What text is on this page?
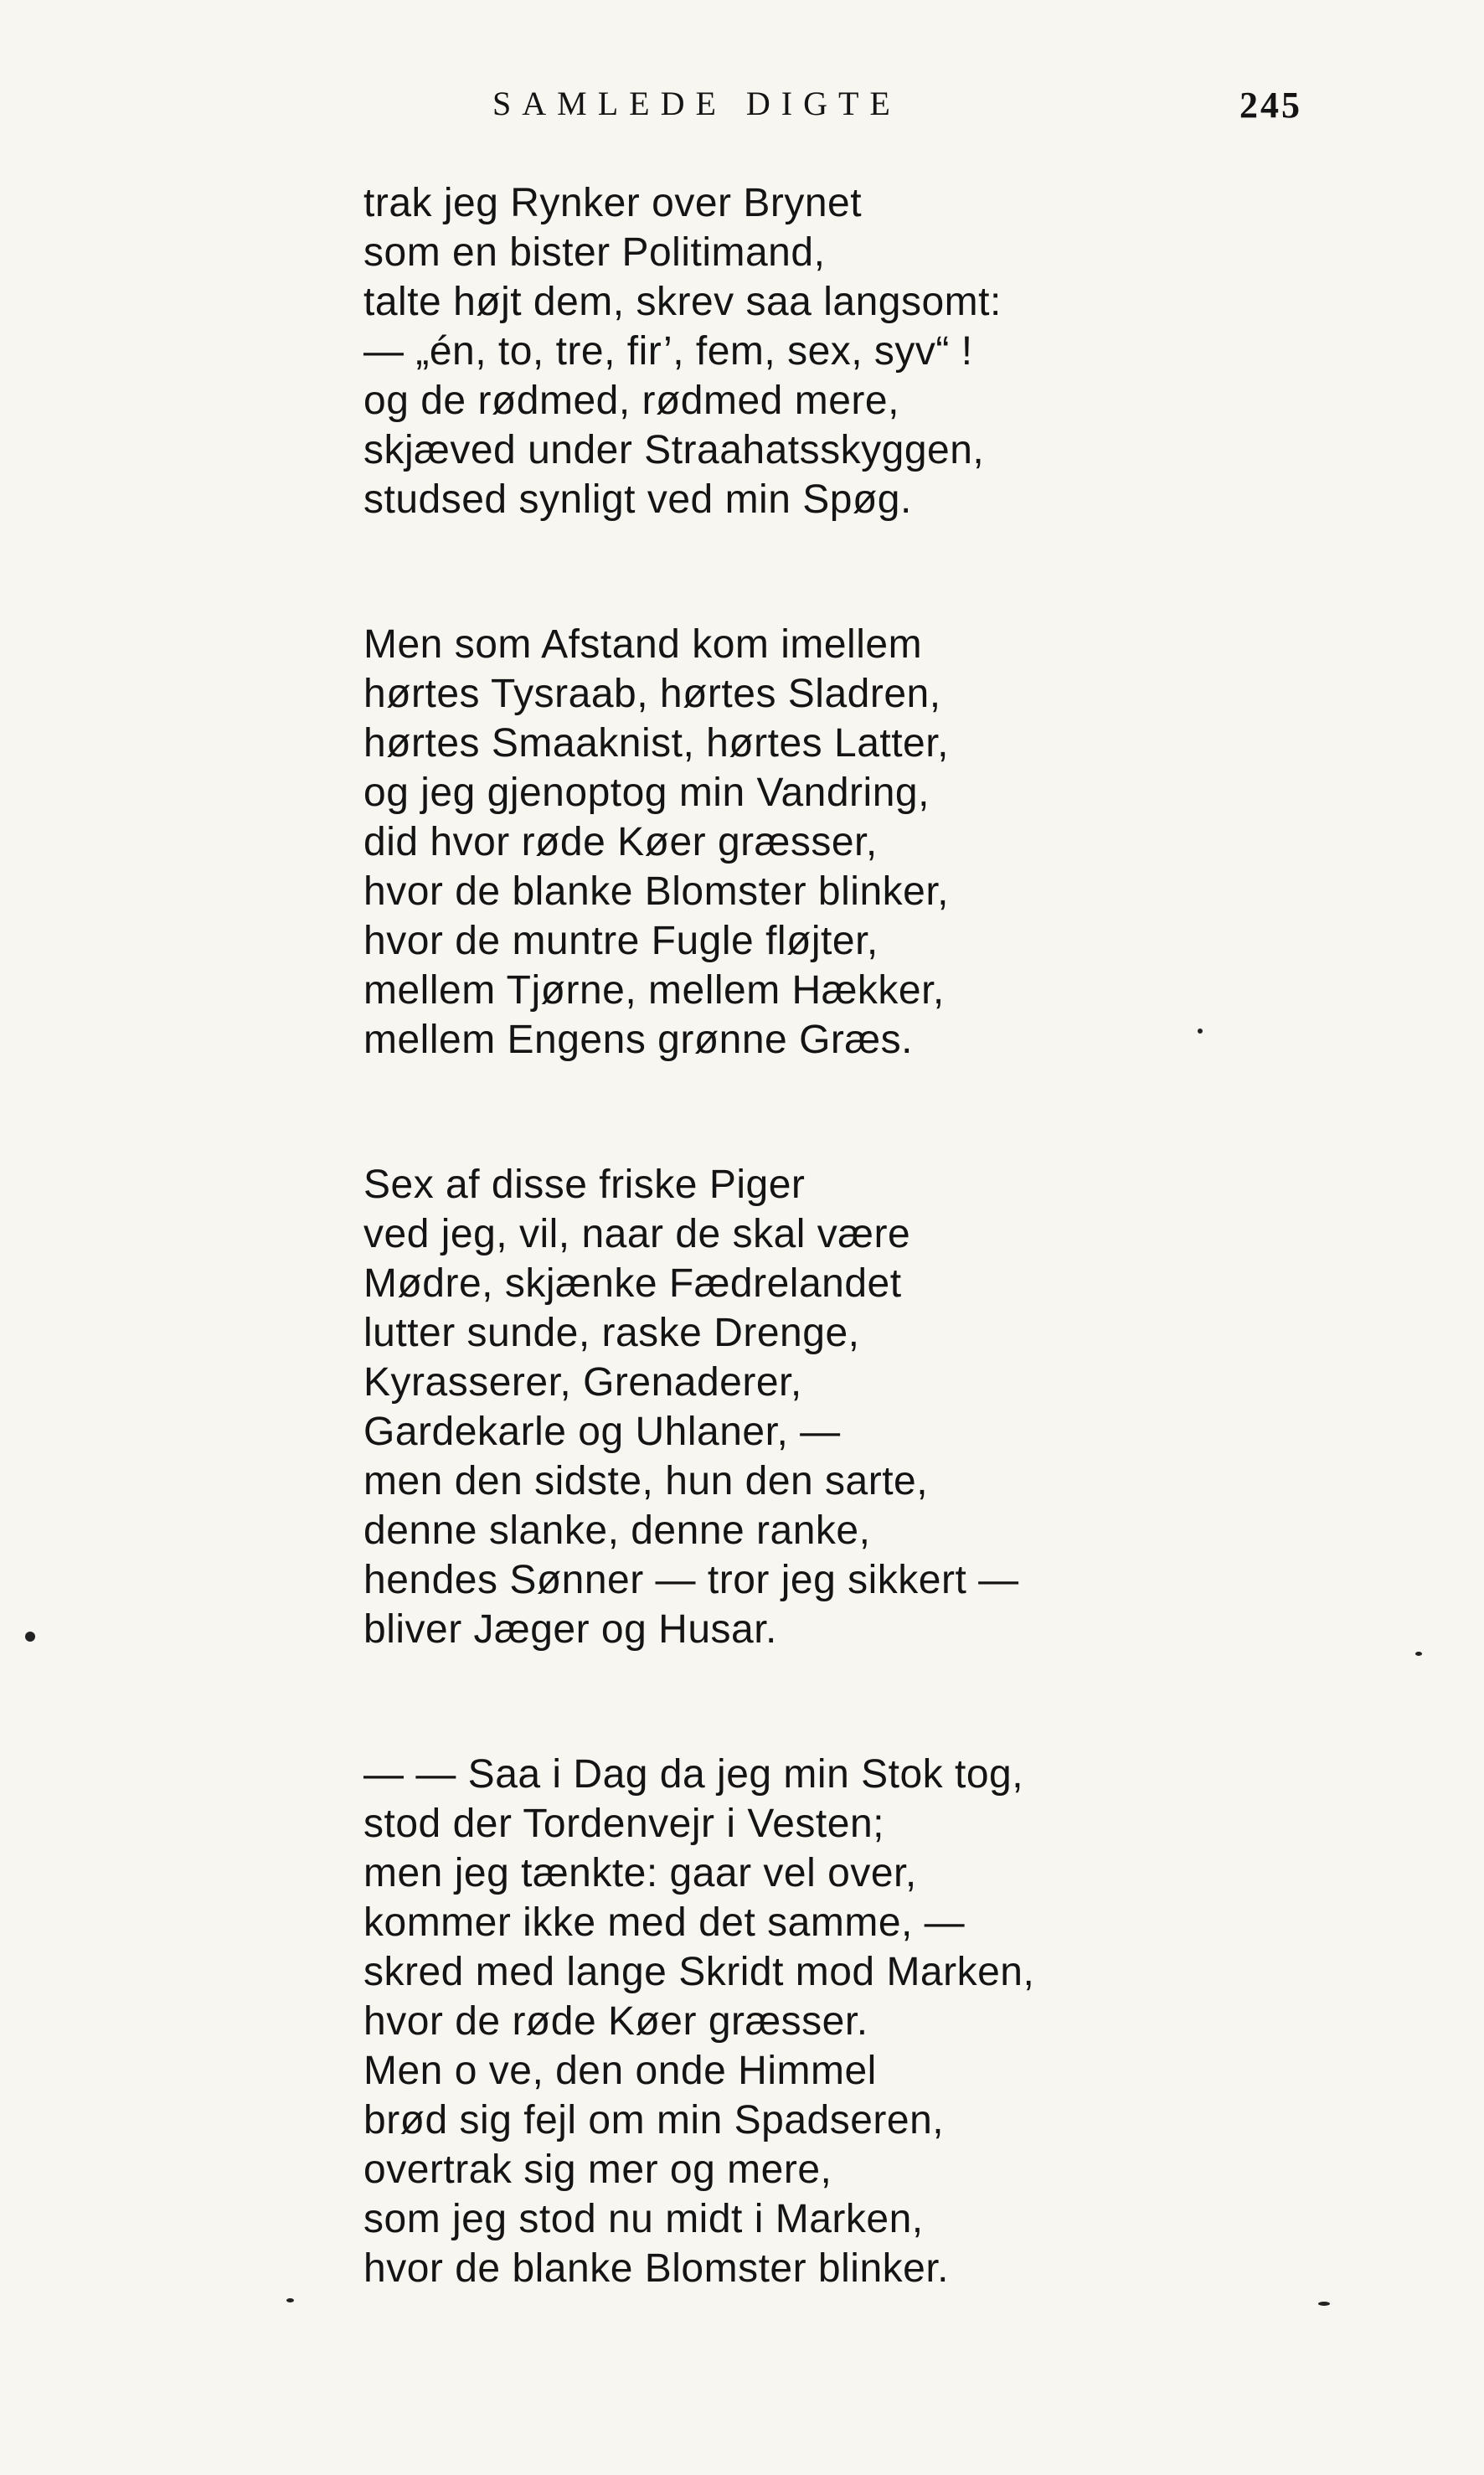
SAMLEDE DIGTE	245
trak jeg Rynker over Brynet
som en bister Politimand,
talte højt dem, skrev saa langsomt:
— „én, to, tre, fir’, fem, sex, syv“ !
og de rødmed, rødmed mere,
skjæved under Straahatsskyggen,
studsed synligt ved min Spøg.
Men som Afstand kom imellem
hørtes Tysraab, hørtes Sladren,
hørtes Smaaknist, hørtes Latter,
og jeg gjenoptog min Vandring,
did hvor røde Køer græsser,
hvor de blanke Blomster blinker,
hvor de muntre Fugle fløjter,
mellem Tjørne, mellem Hækker,
mellem Engens grønne Græs.
Sex af disse friske Piger
ved jeg, vil, naar de skal være
Mødre, skjænke Fædrelandet
lutter sunde, raske Drenge,
Kyrasserer, Grenaderer,
Gardekarle og Uhlaner, —
men den sidste, hun den sarte,
denne slanke, denne ranke,
hendes Sønner — tror jeg sikkert —
bliver Jæger og Husar.
— — Saa i Dag da jeg min Stok tog,
stod der Tordenvejr i Vesten;
men jeg tænkte: gaar vel over,
kommer ikke med det samme, —
skred med lange Skridt mod Marken,
hvor de røde Køer græsser.
Men o ve, den onde Himmel
brød sig fejl om min Spadseren,
overtrak sig mer og mere,
som jeg stod nu midt i Marken,
hvor de blanke Blomster blinker.
